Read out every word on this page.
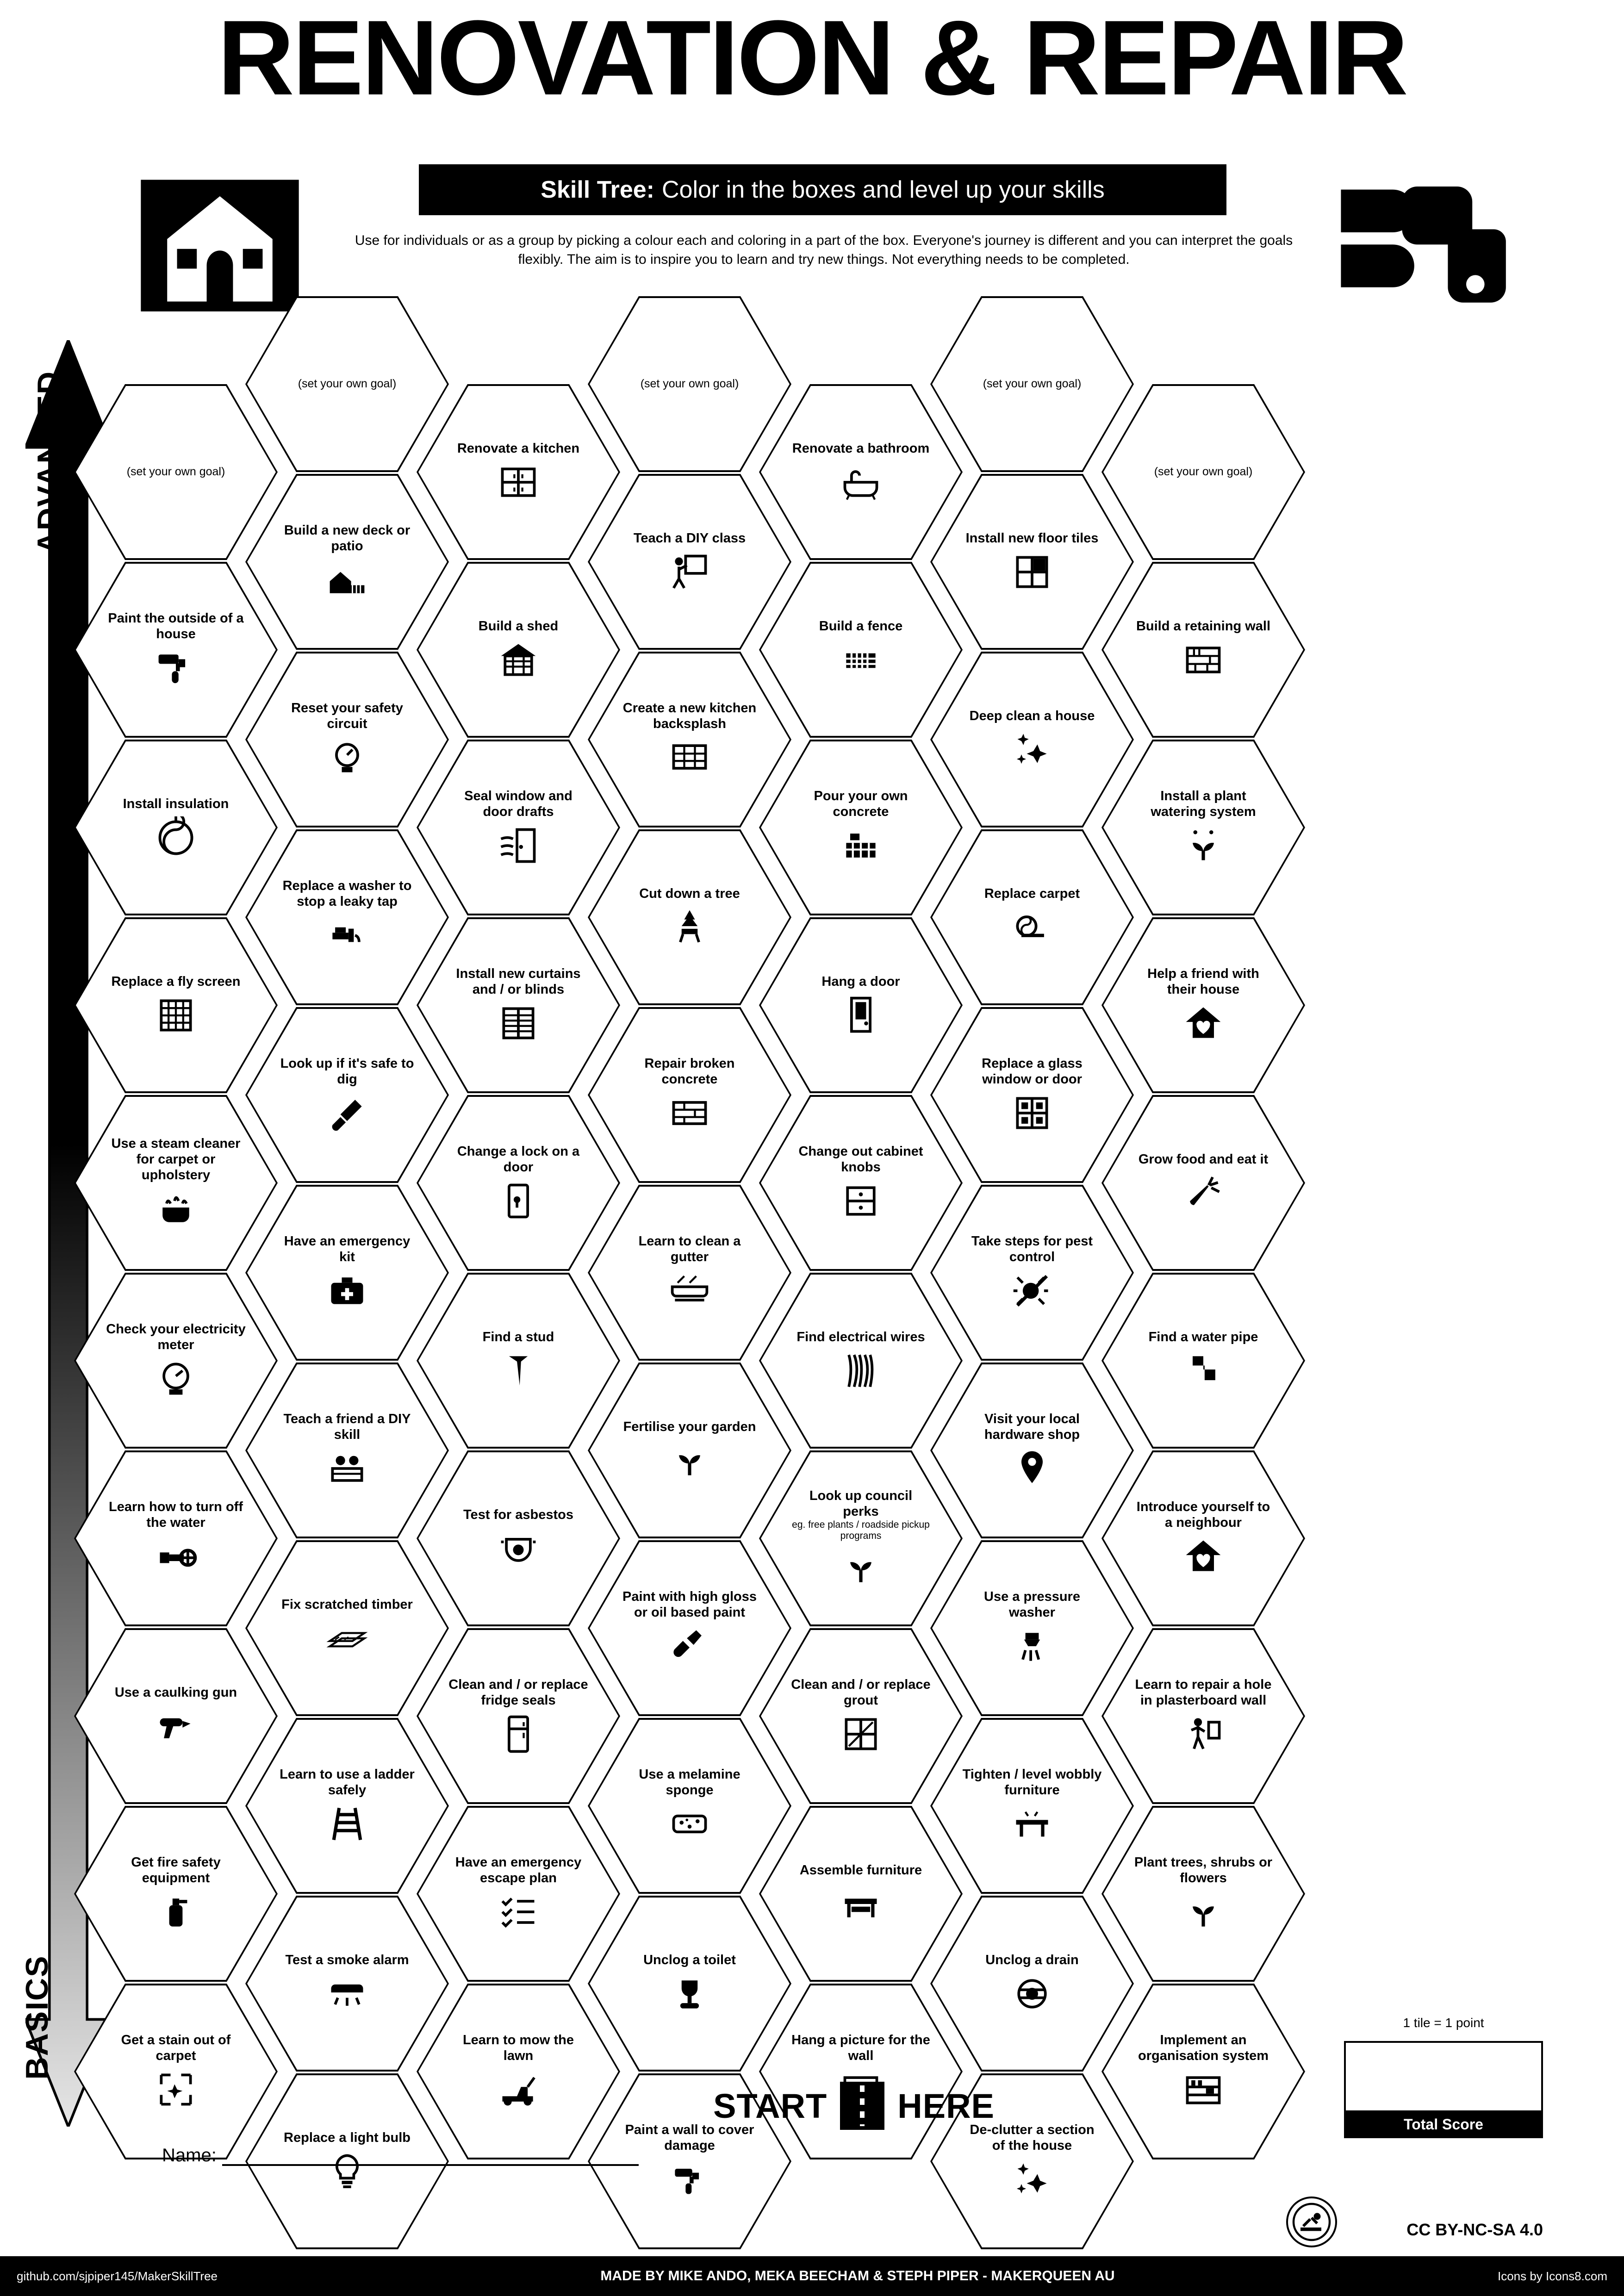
RENOVATION & REPAIR
Skill Tree: Color in the boxes and level up your skills
Use for individuals or as a group by picking a colour each and coloring in a part of the box. Everyone's journey is different and you can interpret the goals flexibly. The aim is to inspire you to learn and try new things. Not everything needs to be completed.
ADVANCED
BASICS
(set your own goal)
Paint the outside of a house
Install insulation
Replace a fly screen
Use a steam cleaner for carpet or upholstery
Check your electricity meter
Learn how to turn off the water
Use a caulking gun
Get fire safety equipment
Get a stain out of carpet
(set your own goal)
Build a new deck or patio
Reset your safety circuit
Replace a washer to stop a leaky tap
Look up if it's safe to dig
Have an emergency kit
Teach a friend a DIY skill
Fix scratched timber
Learn to use a ladder safely
Test a smoke alarm
Replace a light bulb
Renovate a kitchen
Build a shed
Seal window and door drafts
Install new curtains and / or blinds
Change a lock on a door
Find a stud
Test for asbestos
Clean and / or replace fridge seals
Have an emergency escape plan
Learn to mow the lawn
(set your own goal)
Teach a DIY class
Create a new kitchen backsplash
Cut down a tree
Repair broken concrete
Learn to clean a gutter
Fertilise your garden
Paint with high gloss or oil based paint
Use a melamine sponge
Unclog a toilet
Paint a wall to cover damage
Renovate a bathroom
Build a fence
Pour your own concrete
Hang a door
Change out cabinet knobs
Find electrical wires
Look up council perks
eg. free plants / roadside pickup programs
Clean and / or replace grout
Assemble furniture
Hang a picture for the wall
(set your own goal)
Install new floor tiles
Deep clean a house
Replace carpet
Replace a glass window or door
Take steps for pest control
Visit your local hardware shop
Use a pressure washer
Tighten / level wobbly furniture
Unclog a drain
De-clutter a section of the house
(set your own goal)
Build a retaining wall
Install a plant watering system
Help a friend with their house
Grow food and eat it
Find a water pipe
Introduce yourself to a neighbour
Learn to repair a hole in plasterboard wall
Plant trees, shrubs or flowers
Implement an organisation system
START HERE
1 tile = 1 point
Total Score
Name:
CC BY-NC-SA 4.0
github.com/sjpiper145/MakerSkillTree	MADE BY MIKE ANDO, MEKA BEECHAM & STEPH PIPER - MAKERQUEEN AU	Icons by Icons8.com
